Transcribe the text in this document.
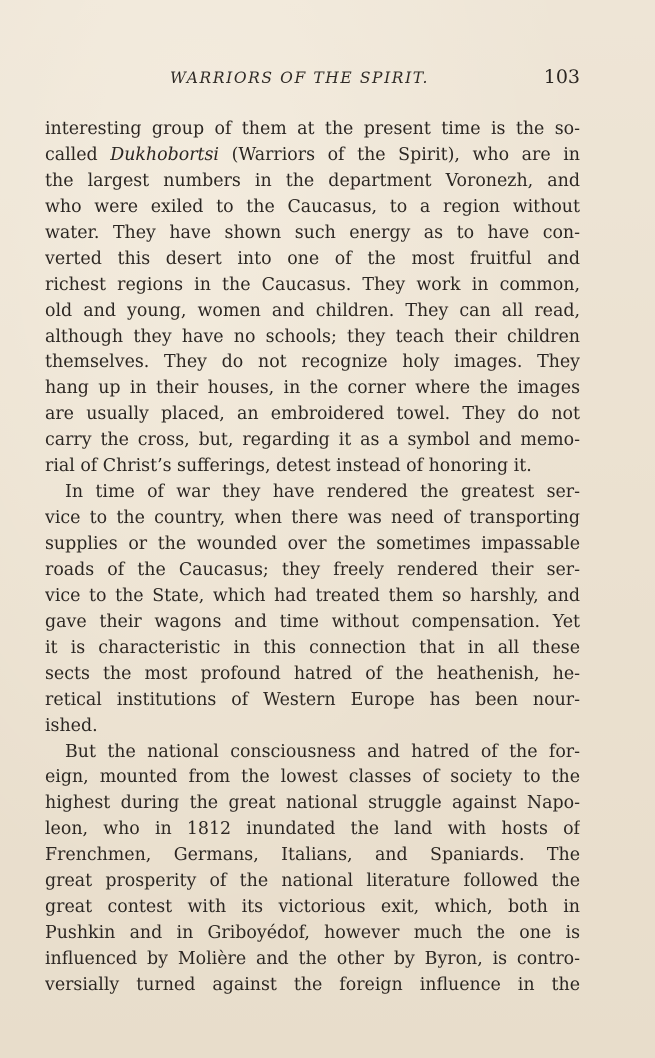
WARRIORS OF THE SPIRIT.	103
interesting group of them at the present time is the so-
called Dukhobortsi (Warriors of the Spirit), who are in
the largest numbers in the department Voronezh, and
who were exiled to the Caucasus, to a region without
water. They have shown such energy as to have con-
verted this desert into one of the most fruitful and
richest regions in the Caucasus. They work in common,
old and young, women and children. They can all read,
although they have no schools; they teach their children
themselves. They do not recognize holy images. They
hang up in their houses, in the corner where the images
are usually placed, an embroidered towel. They do not
carry the cross, but, regarding it as a symbol and memo-
rial of Christ’s sufferings, detest instead of honoring it.
In time of war they have rendered the greatest ser-
vice to the country, when there was need of transporting
supplies or the wounded over the sometimes impassable
roads of the Caucasus; they freely rendered their ser-
vice to the State, which had treated them so harshly, and
gave their wagons and time without compensation. Yet
it is characteristic in this connection that in all these
sects the most profound hatred of the heathenish, he-
retical institutions of Western Europe has been nour-
ished.
But the national consciousness and hatred of the for-
eign, mounted from the lowest classes of society to the
highest during the great national struggle against Napo-
leon, who in 1812 inundated the land with hosts of
Frenchmen, Germans, Italians, and Spaniards. The
great prosperity of the national literature followed the
great contest with its victorious exit, which, both in
Pushkin and in Griboyédof, however much the one is
influenced by Molière and the other by Byron, is contro-
versially turned against the foreign influence in the
